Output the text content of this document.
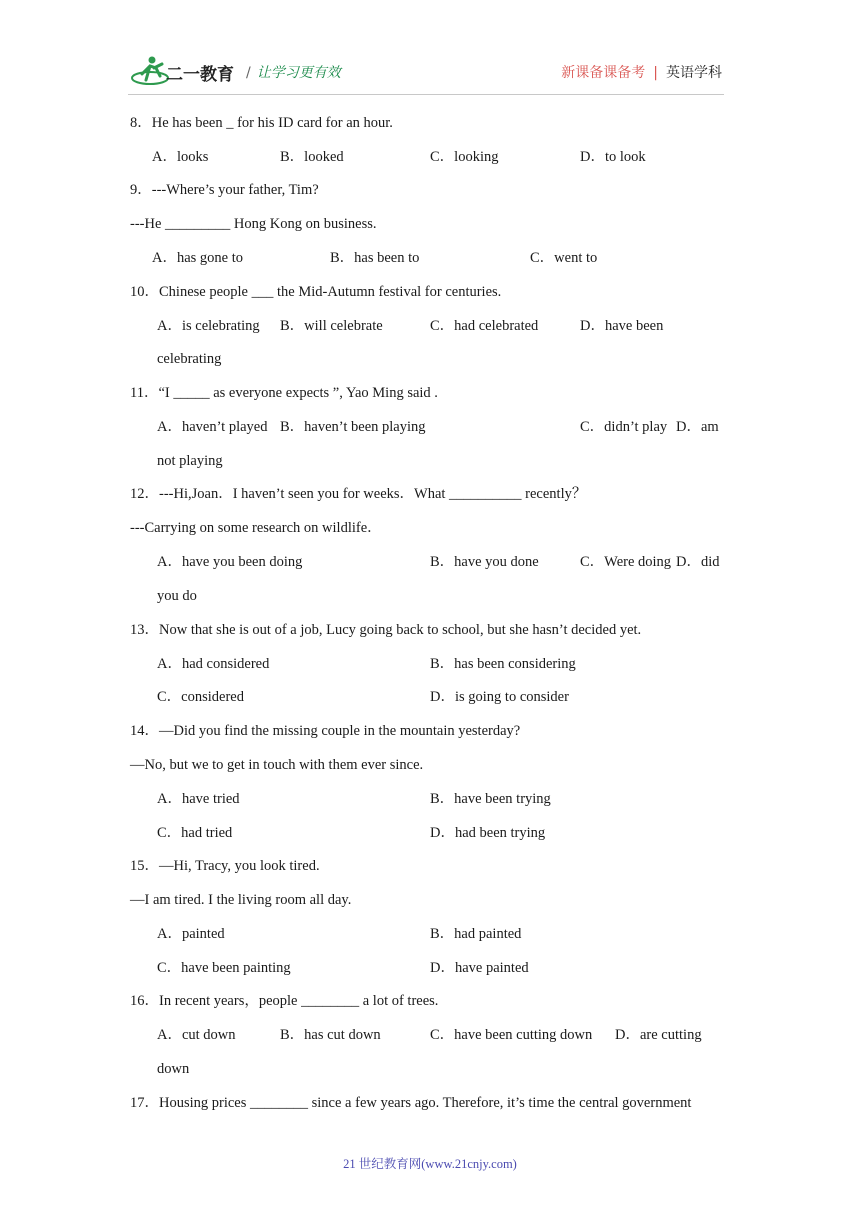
二一教育 / 让学习更有效	新课备课备考 | 英语学科
8．He has been _ for his ID card for an hour.
A．looks	B．looked	C．looking	D．to look
9．---Where’s your father, Tim?
---He _________ Hong Kong on business.
A．has gone to	B．has been to	C．went to
10．Chinese people ___ the Mid-Autumn festival for centuries.
A．is celebrating B．will celebrate	C．had celebrated	D．have been
celebrating
11．“I _____ as everyone expects ”, Yao Ming said .
A．haven’t played B．haven’t been playing	C．didn’t play D．am
not playing
12．---Hi,Joan．I haven’t seen you for weeks．What __________ recently？
---Carrying on some research on wildlife．
A．have you been doing	B．have you done	C．Were doing D．did
you do
13．Now that she is out of a job, Lucy going back to school, but she hasn’t decided yet.
A．had considered	B．has been considering
C．considered	D．is going to consider
14．—Did you find the missing couple in the mountain yesterday?
—No, but we to get in touch with them ever since.
A．have tried	B．have been trying
C．had tried	D．had been trying
15．—Hi, Tracy, you look tired.
—I am tired. I the living room all day.
A．painted	B．had painted
C．have been painting	D．have painted
16．In recent years，people ________ a lot of trees.
A．cut down	B．has cut down	C．have been cutting down D．are cutting
down
17．Housing prices ________ since a few years ago. Therefore, it’s time the central government
21 世纪教育网(www.21cnjy.com)
